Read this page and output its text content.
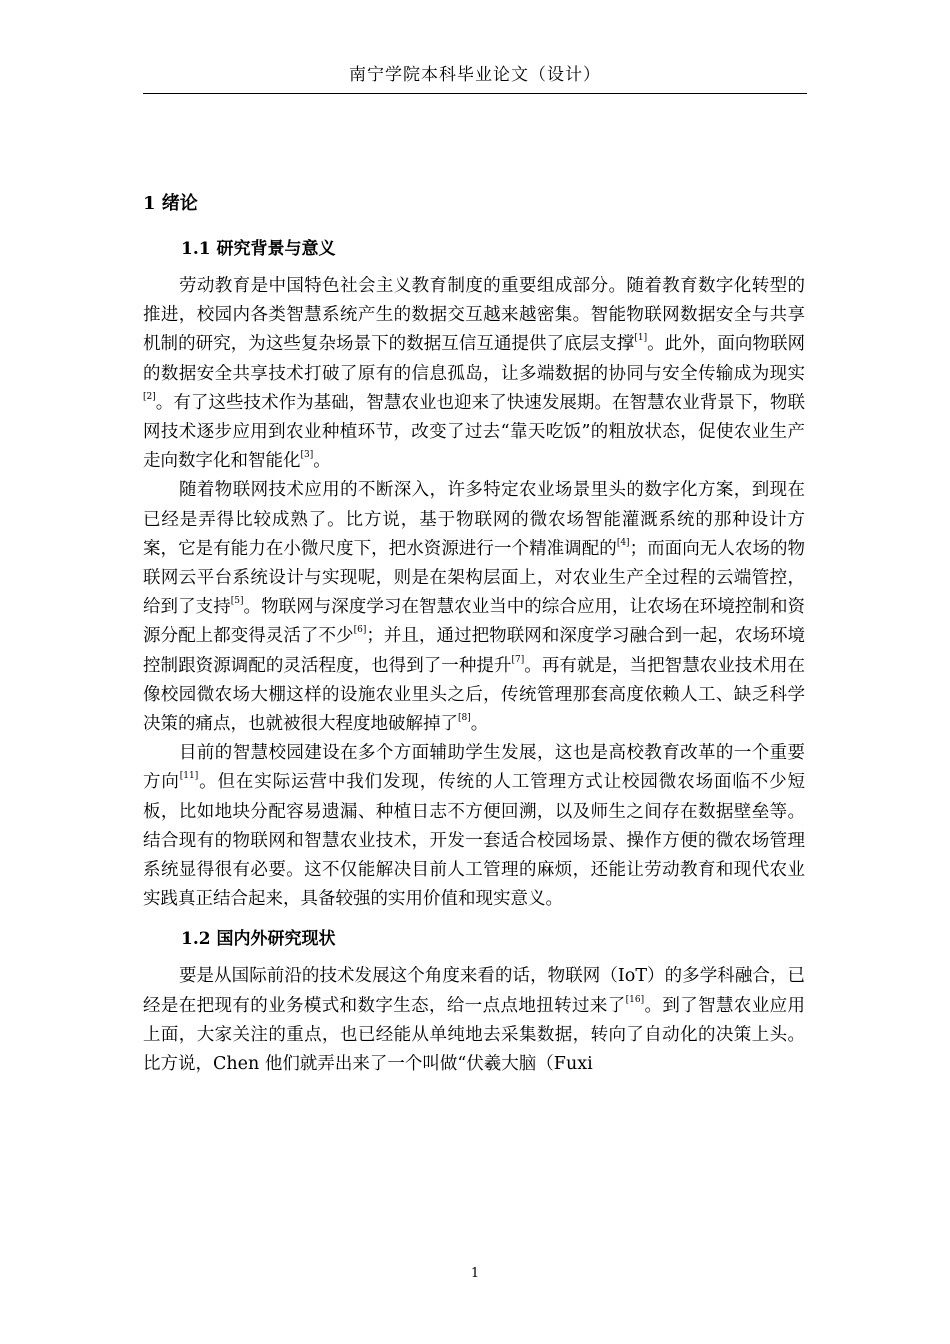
南宁学院本科毕业论文（设计）
1 绪论
1.1 研究背景与意义

劳动教育是中国特色社会主义教育制度的重要组成部分。随着教育数字化转型的推进，校园内各类智慧系统产生的数据交互越来越密集。智能物联网数据安全与共享机制的研究，为这些复杂场景下的数据互信互通提供了底层支撑[1]。此外，面向物联网的数据安全共享技术打破了原有的信息孤岛，让多端数据的协同与安全传输成为现实[2]。有了这些技术作为基础，智慧农业也迎来了快速发展期。在智慧农业背景下，物联网技术逐步应用到农业种植环节，改变了过去“靠天吃饭”的粗放状态，促使农业生产走向数字化和智能化[3]。

随着物联网技术应用的不断深入，许多特定农业场景里头的数字化方案，到现在已经是弄得比较成熟了。比方说，基于物联网的微农场智能灌溉系统的那种设计方案，它是有能力在小微尺度下，把水资源进行一个精准调配的[4]；而面向无人农场的物联网云平台系统设计与实现呢，则是在架构层面上，对农业生产全过程的云端管控，给到了支持[5]。物联网与深度学习在智慧农业当中的综合应用，让农场在环境控制和资源分配上都变得灵活了不少[6]；并且，通过把物联网和深度学习融合到一起，农场环境控制跟资源调配的灵活程度，也得到了一种提升[7]。再有就是，当把智慧农业技术用在像校园微农场大棚这样的设施农业里头之后，传统管理那套高度依赖人工、缺乏科学决策的痛点，也就被很大程度地破解掉了[8]。

目前的智慧校园建设在多个方面辅助学生发展，这也是高校教育改革的一个重要方向[11]。但在实际运营中我们发现，传统的人工管理方式让校园微农场面临不少短板，比如地块分配容易遗漏、种植日志不方便回溯，以及师生之间存在数据壁垒等。结合现有的物联网和智慧农业技术，开发一套适合校园场景、操作方便的微农场管理系统显得很有必要。这不仅能解决目前人工管理的麻烦，还能让劳动教育和现代农业实践真正结合起来，具备较强的实用价值和现实意义。

1.2 国内外研究现状

要是从国际前沿的技术发展这个角度来看的话，物联网（IoT）的多学科融合，已经是在把现有的业务模式和数字生态，给一点点地扭转过来了[16]。到了智慧农业应用上面，大家关注的重点，也已经能从单纯地去采集数据，转向了自动化的决策上头。比方说，Chen 他们就弄出来了一个叫做“伏羲大脑（Fuxi

1
